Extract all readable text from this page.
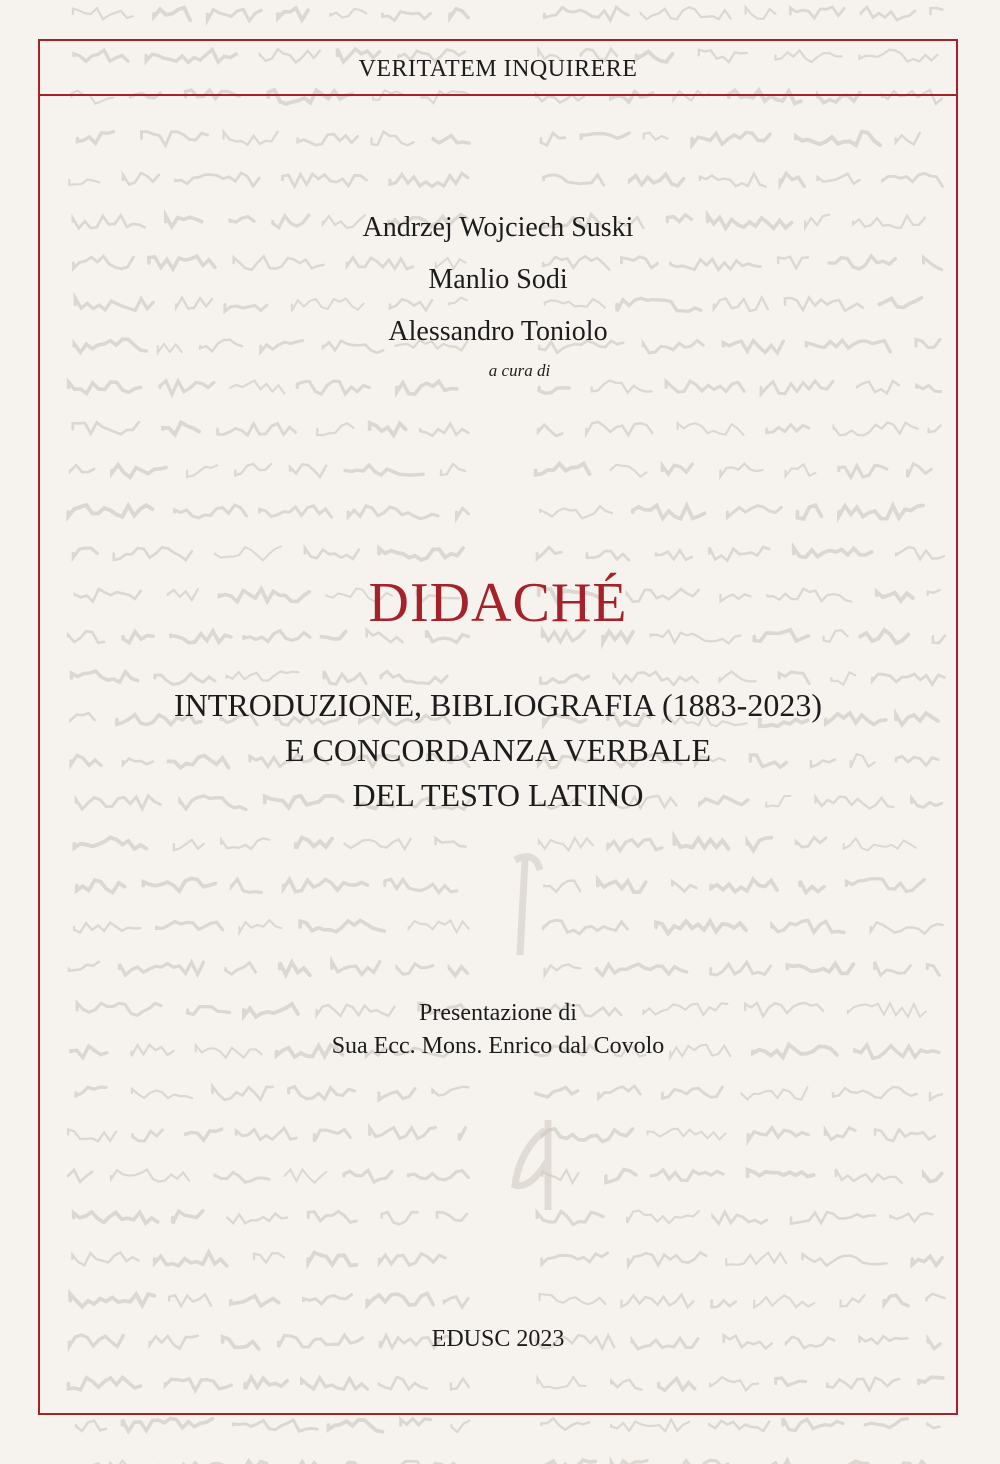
VERITATEM INQUIRERE
Andrzej Wojciech Suski
Manlio Sodi
Alessandro Toniolo
a cura di
DIDACHÉ
INTRODUZIONE, BIBLIOGRAFIA (1883-2023)
E CONCORDANZA VERBALE
DEL TESTO LATINO
Presentazione di
Sua Ecc. Mons. Enrico dal Covolo
EDUSC 2023
